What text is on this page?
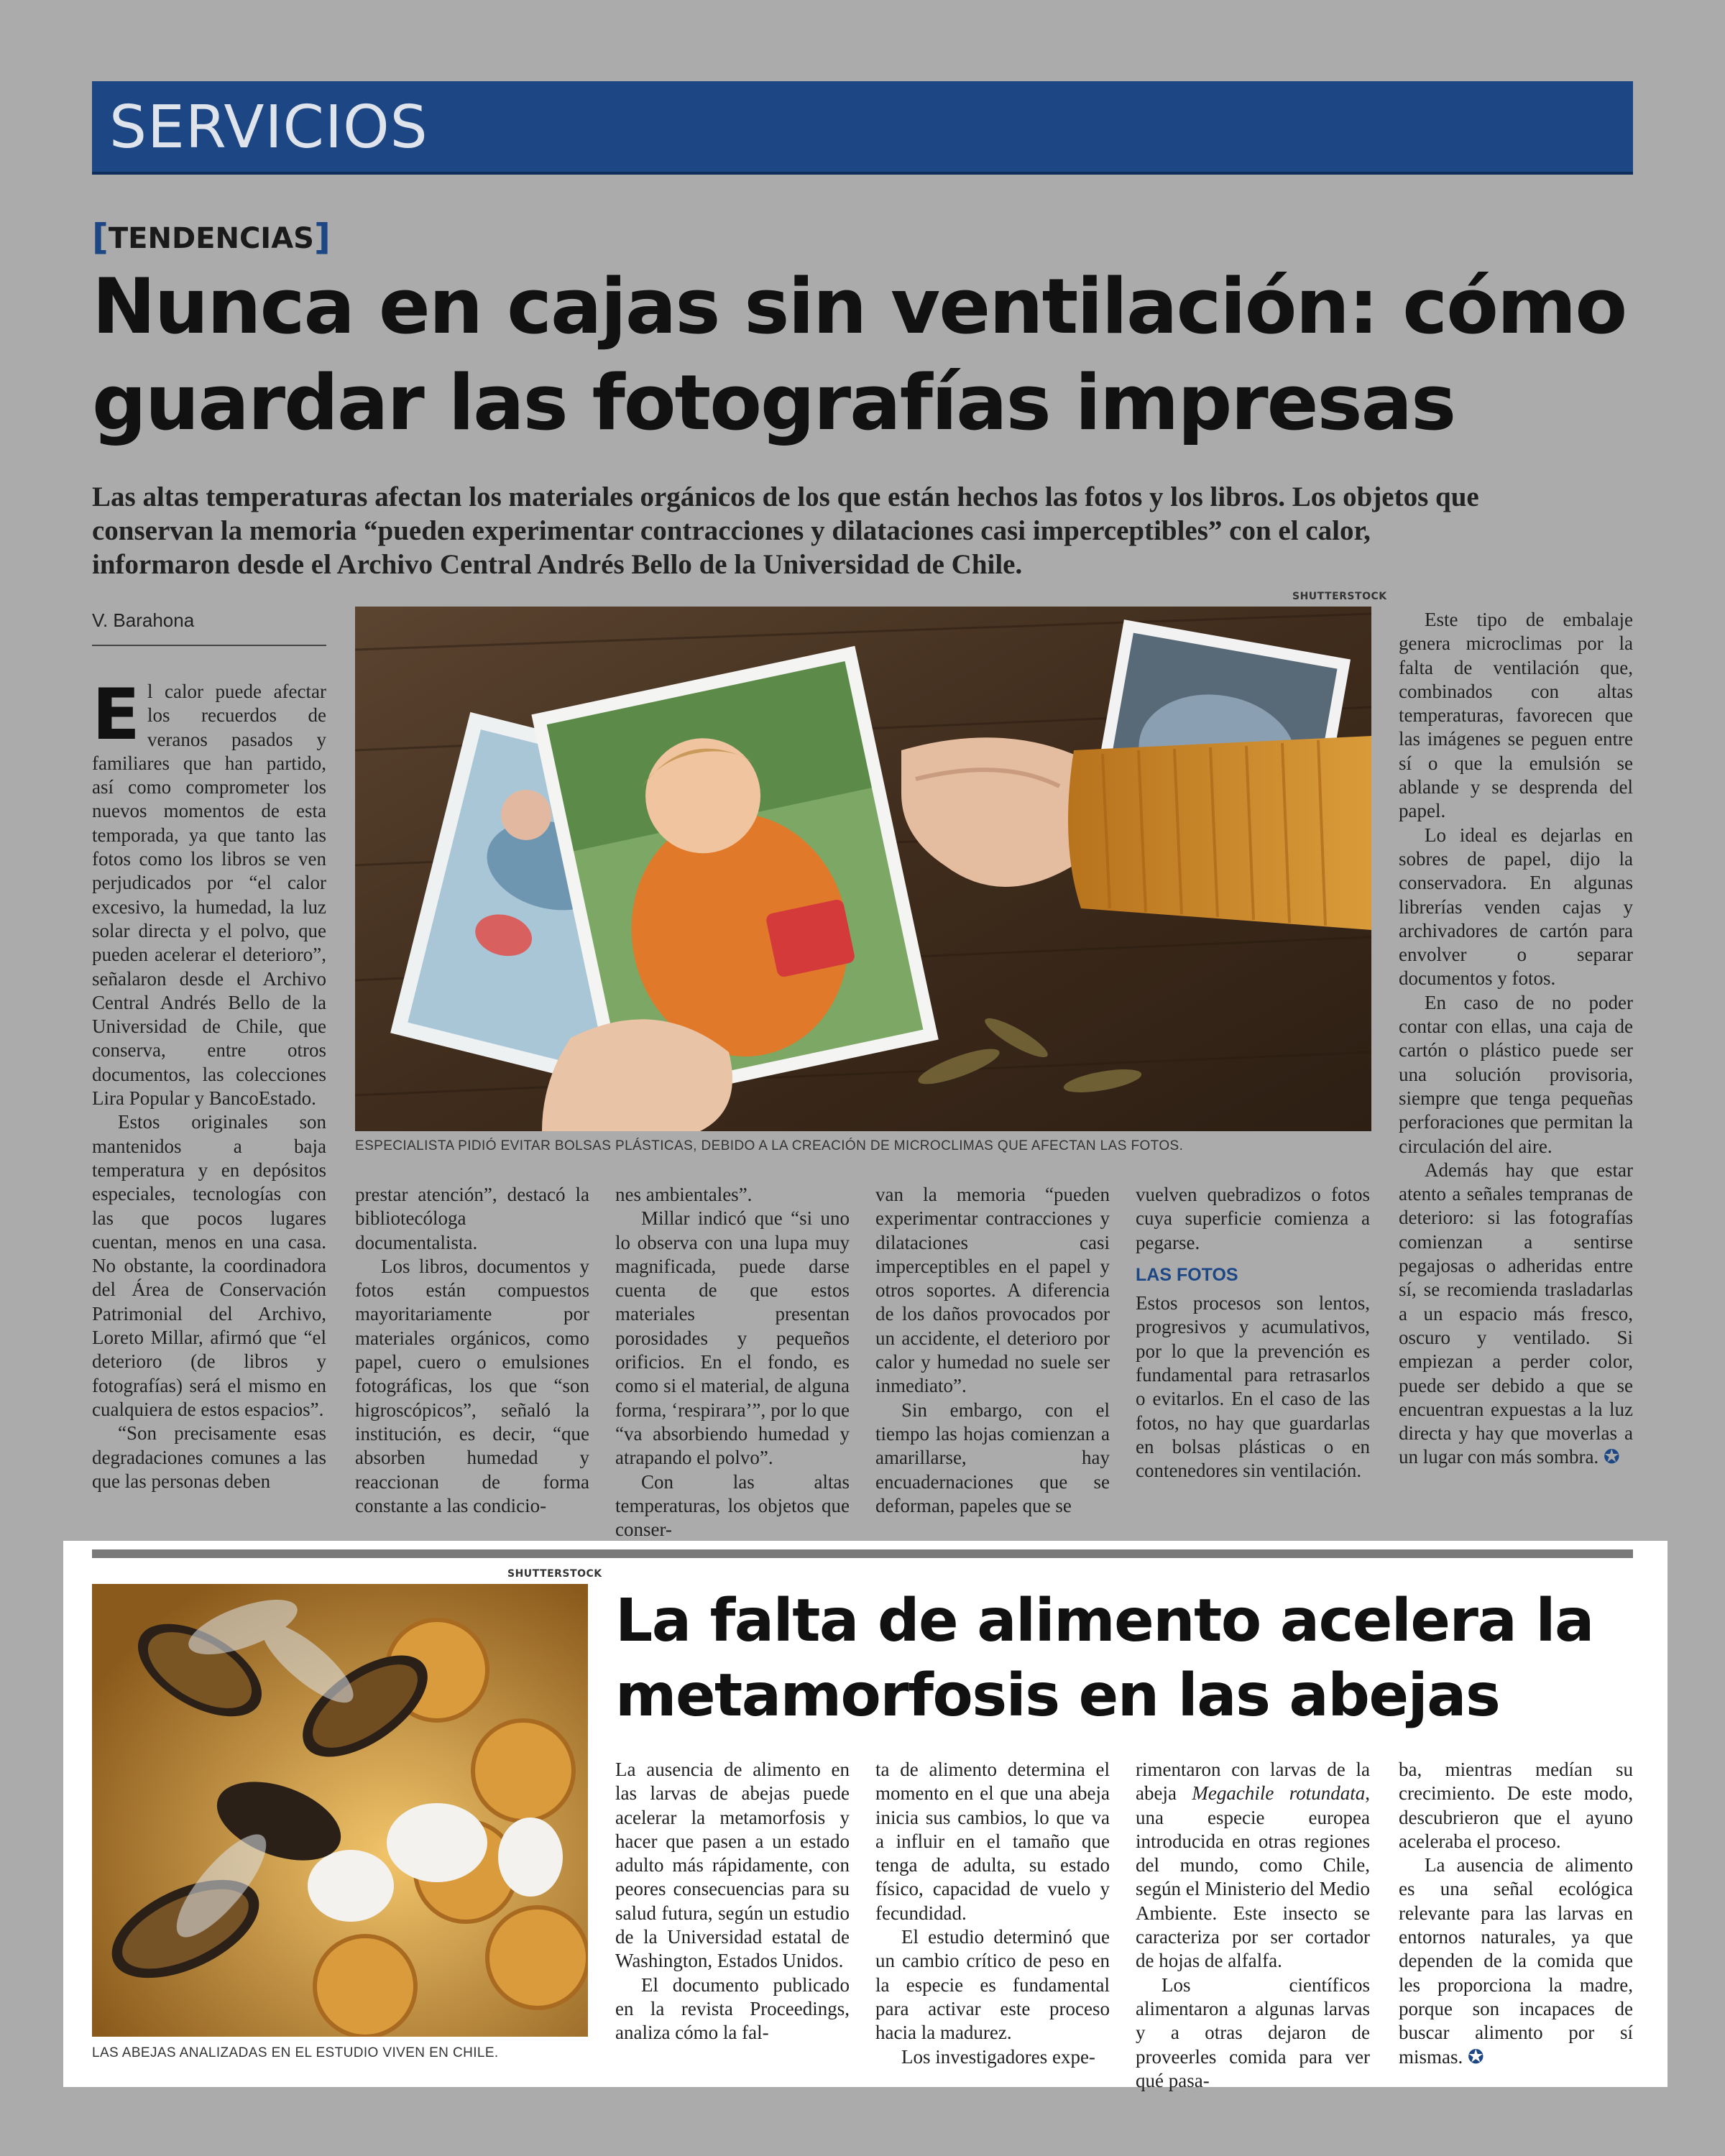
SERVICIOS
[TENDENCIAS]
Nunca en cajas sin ventilación: cómo
guardar las fotografías impresas
Las altas temperaturas afectan los materiales orgánicos de los que están hechos las fotos y los libros. Los objetos que
conservan la memoria “pueden experimentar contracciones y dilataciones casi imperceptibles” con el calor,
informaron desde el Archivo Central Andrés Bello de la Universidad de Chile.
SHUTTERSTOCK
V. Barahona
ESPECIALISTA PIDIÓ EVITAR BOLSAS PLÁSTICAS, DEBIDO A LA CREACIÓN DE MICROCLIMAS QUE AFECTAN LAS FOTOS.

El calor puede afectar los recuerdos de veranos pasados y familiares que han partido, así como comprometer los nuevos momentos de esta temporada, ya que tanto las fotos como los libros se ven perjudicados por “el calor excesivo, la humedad, la luz solar directa y el polvo, que pueden acelerar el deterioro”, señalaron desde el Archivo Central Andrés Bello de la Universidad de Chile, que conserva, entre otros documentos, las colecciones Lira Popular y BancoEstado.

Estos originales son mantenidos a baja temperatura y en depósitos especiales, tecnologías con las que pocos lugares cuentan, menos en una casa. No obstante, la coordinadora del Área de Conservación Patrimonial del Archivo, Loreto Millar, afirmó que “el deterioro (de libros y fotografías) será el mismo en cualquiera de estos espacios”.

“Son precisamente esas degradaciones comunes a las que las personas deben

prestar atención”, destacó la bibliotecóloga documentalista.

Los libros, documentos y fotos están compuestos mayoritariamente por materiales orgánicos, como papel, cuero o emulsiones fotográficas, los que “son higroscópicos”, señaló la institución, es decir, “que absorben humedad y reaccionan de forma constante a las condicio-

nes ambientales”.

Millar indicó que “si uno lo observa con una lupa muy magnificada, puede darse cuenta de que estos materiales presentan porosidades y pequeños orificios. En el fondo, es como si el material, de alguna forma, ‘respirara’”, por lo que “va absorbiendo humedad y atrapando el polvo”.

Con las altas temperaturas, los objetos que conser-

van la memoria “pueden experimentar contracciones y dilataciones casi imperceptibles en el papel y otros soportes. A diferencia de los daños provocados por un accidente, el deterioro por calor y humedad no suele ser inmediato”.

Sin embargo, con el tiempo las hojas comienzan a amarillarse, hay encuadernaciones que se deforman, papeles que se

vuelven quebradizos o fotos cuya superficie comienza a pegarse.

LAS FOTOS

Estos procesos son lentos, progresivos y acumulativos, por lo que la prevención es fundamental para retrasarlos o evitarlos. En el caso de las fotos, no hay que guardarlas en bolsas plásticas o en contenedores sin ventilación.

Este tipo de embalaje genera microclimas por la falta de ventilación que, combinados con altas temperaturas, favorecen que las imágenes se peguen entre sí o que la emulsión se ablande y se desprenda del papel.

Lo ideal es dejarlas en sobres de papel, dijo la conservadora. En algunas librerías venden cajas y archivadores de cartón para envolver o separar documentos y fotos.

En caso de no poder contar con ellas, una caja de cartón o plástico puede ser una solución provisoria, siempre que tenga pequeñas perforaciones que permitan la circulación del aire.

Además hay que estar atento a señales tempranas de deterioro: si las fotografías comienzan a sentirse pegajosas o adheridas entre sí, se recomienda trasladarlas a un espacio más fresco, oscuro y ventilado. Si empiezan a perder color, puede ser debido a que se encuentran expuestas a la luz directa y hay que moverlas a un lugar con más sombra. ✪

SHUTTERSTOCK
LAS ABEJAS ANALIZADAS EN EL ESTUDIO VIVEN EN CHILE.
La falta de alimento acelera la
metamorfosis en las abejas

La ausencia de alimento en las larvas de abejas puede acelerar la metamorfosis y hacer que pasen a un estado adulto más rápidamente, con peores consecuencias para su salud futura, según un estudio de la Universidad estatal de Washington, Estados Unidos.

El documento publicado en la revista Proceedings, analiza cómo la fal-

ta de alimento determina el momento en el que una abeja inicia sus cambios, lo que va a influir en el tamaño que tenga de adulta, su estado físico, capacidad de vuelo y fecundidad.

El estudio determinó que un cambio crítico de peso en la especie es fundamental para activar este proceso hacia la madurez.

Los investigadores expe-

rimentaron con larvas de la abeja Megachile rotundata, una especie europea introducida en otras regiones del mundo, como Chile, según el Ministerio del Medio Ambiente. Este insecto se caracteriza por ser cortador de hojas de alfalfa.

Los científicos alimentaron a algunas larvas y a otras dejaron de proveerles comida para ver qué pasa-

ba, mientras medían su crecimiento. De este modo, descubrieron que el ayuno aceleraba el proceso.

La ausencia de alimento es una señal ecológica relevante para las larvas en entornos naturales, ya que dependen de la comida que les proporciona la madre, porque son incapaces de buscar alimento por sí mismas. ✪
